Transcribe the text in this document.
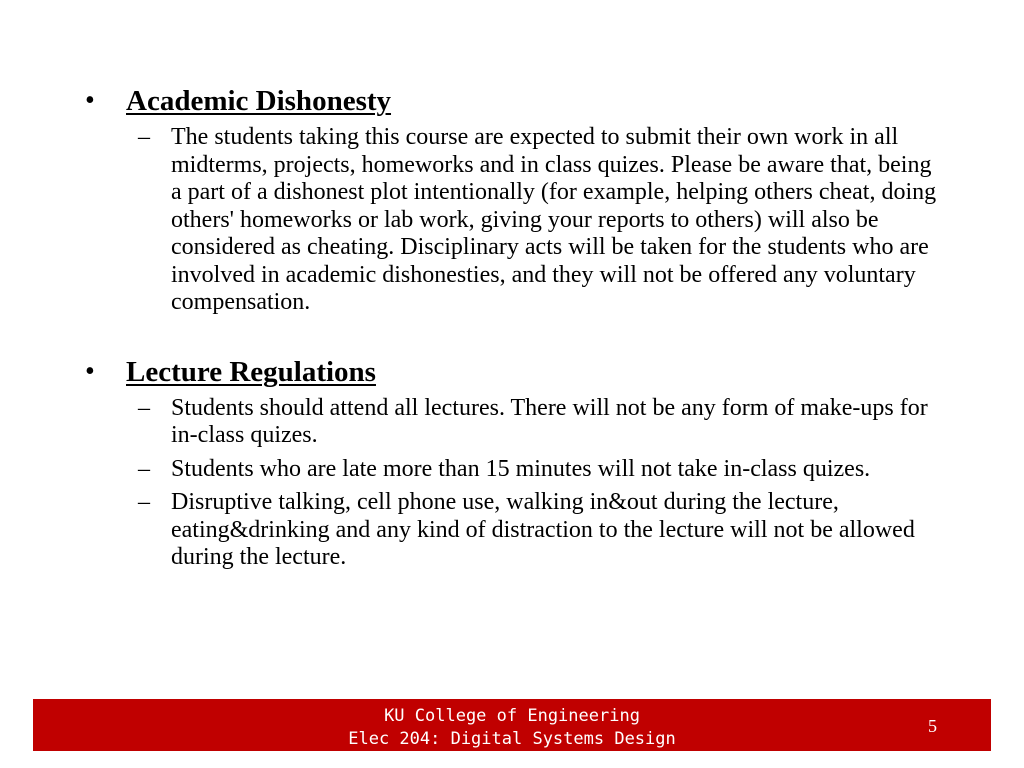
• Academic Dishonesty
– The students taking this course are expected to submit their own work in all midterms, projects, homeworks and in class quizes. Please be aware that, being a part of a dishonest plot intentionally (for example, helping others cheat, doing others' homeworks or lab work, giving your reports to others) will also be considered as cheating. Disciplinary acts will be taken for the students who are involved in academic dishonesties, and they will not be offered any voluntary compensation.
• Lecture Regulations
– Students should attend all lectures. There will not be any form of make-ups for in-class quizes.
– Students who are late more than 15 minutes will not take in-class quizes.
– Disruptive talking, cell phone use, walking in&out during the lecture, eating&drinking and any kind of distraction to the lecture will not be allowed during the lecture.
KU College of Engineering
Elec 204: Digital Systems Design
5
